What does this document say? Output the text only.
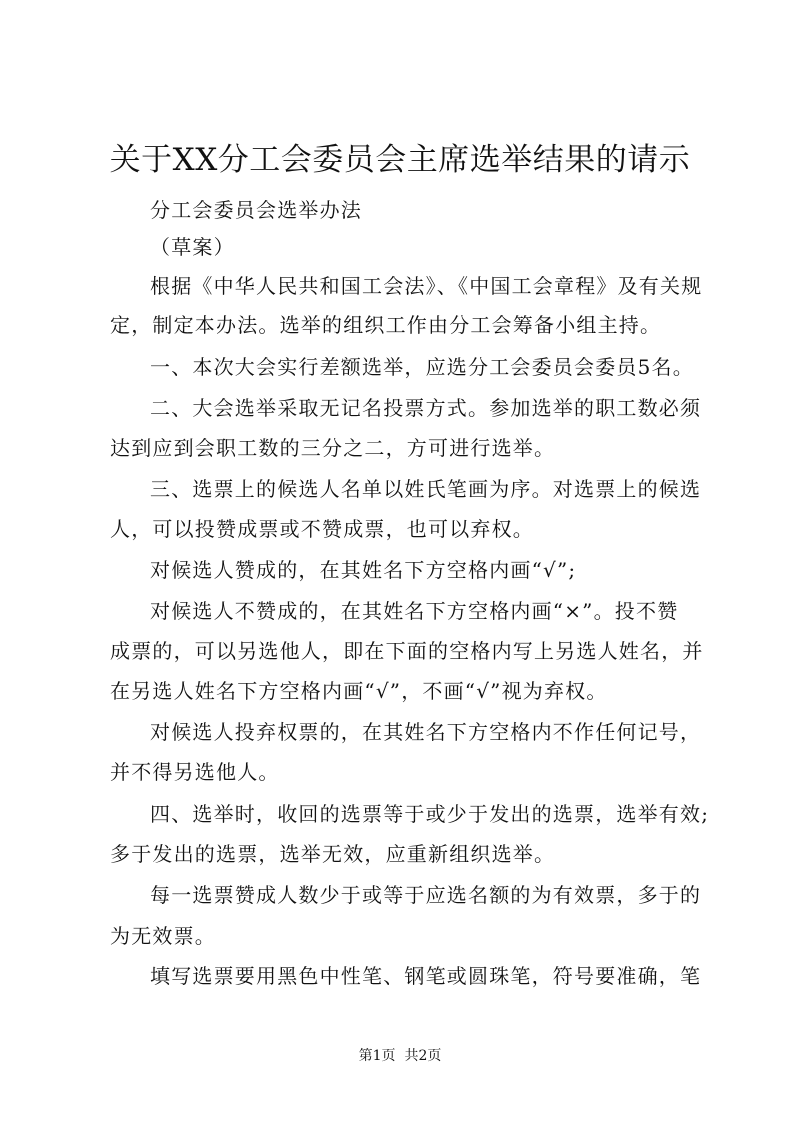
关于XX分工会委员会主席选举结果的请示

分工会委员会选举办法

（草案）

根据《中华人民共和国工会法》、《中国工会章程》及有关规

定，制定本办法。选举的组织工作由分工会筹备小组主持。

一、本次大会实行差额选举，应选分工会委员会委员5名。

二、大会选举采取无记名投票方式。参加选举的职工数必须

达到应到会职工数的三分之二，方可进行选举。

三、选票上的候选人名单以姓氏笔画为序。对选票上的候选

人，可以投赞成票或不赞成票，也可以弃权。

对候选人赞成的，在其姓名下方空格内画“√”;

对候选人不赞成的，在其姓名下方空格内画“×”。投不赞

成票的，可以另选他人，即在下面的空格内写上另选人姓名，并

在另选人姓名下方空格内画“√”，不画“√”视为弃权。

对候选人投弃权票的，在其姓名下方空格内不作任何记号，

并不得另选他人。

四、选举时，收回的选票等于或少于发出的选票，选举有效;

多于发出的选票，选举无效，应重新组织选举。

每一选票赞成人数少于或等于应选名额的为有效票，多于的

为无效票。

填写选票要用黑色中性笔、钢笔或圆珠笔，符号要准确，笔

第1页  共2页
